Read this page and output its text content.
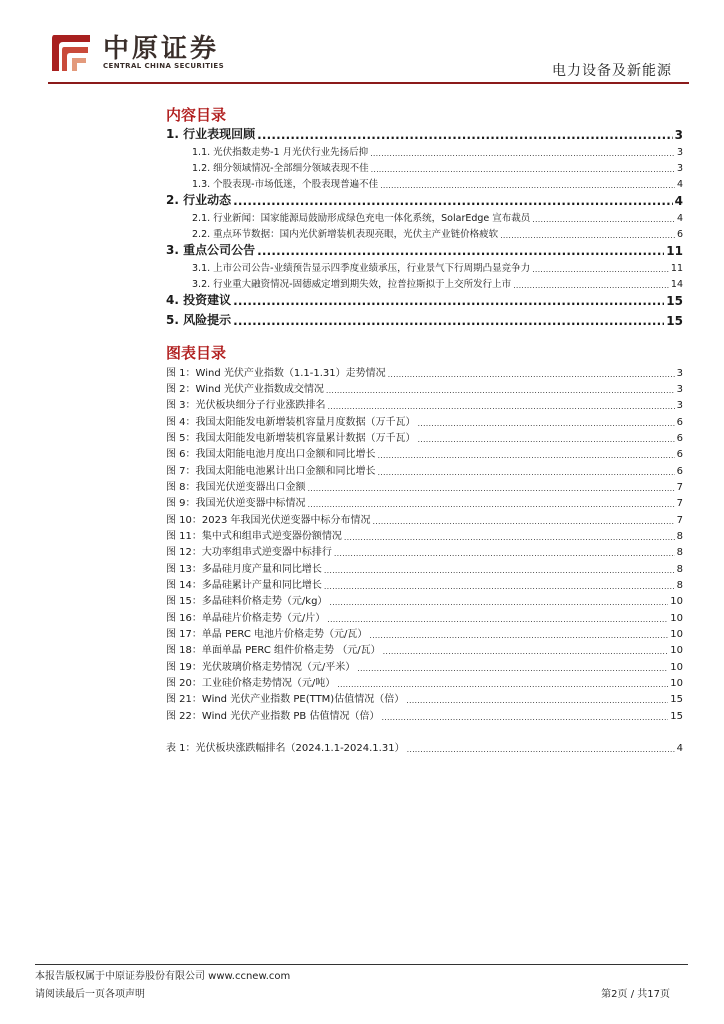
中原证券
CENTRAL CHINA SECURITIES	电力设备及新能源
内容目录
1. 行业表现回顾 .....	3
1.1. 光伏指数走势-1 月光伏行业先扬后抑 .....	3
1.2. 细分领域情况-全部细分领域表现不佳 .....	3
1.3. 个股表现-市场低迷，个股表现普遍不佳 .....	4
2. 行业动态 .....	4
2.1. 行业新闻：国家能源局鼓励形成绿色充电一体化系统，SolarEdge 宣布裁员 .....	4
2.2. 重点环节数据：国内光伏新增装机表现亮眼，光伏主产业链价格疲软 .....	6
3. 重点公司公告 .....	11
3.1. 上市公司公告-业绩预告显示四季度业绩承压，行业景气下行周期凸显竞争力 .....	11
3.2. 行业重大融资情况-固德威定增到期失效，拉普拉斯拟于上交所发行上市 .....	14
4. 投资建议 .....	15
5. 风险提示 .....	15
图表目录
图 1：Wind 光伏产业指数（1.1-1.31）走势情况 .....	3
图 2：Wind 光伏产业指数成交情况 .....	3
图 3：光伏板块细分子行业涨跌排名 .....	3
图 4：我国太阳能发电新增装机容量月度数据（万千瓦） .....	6
图 5：我国太阳能发电新增装机容量累计数据（万千瓦） .....	6
图 6：我国太阳能电池月度出口金额和同比增长 .....	6
图 7：我国太阳能电池累计出口金额和同比增长 .....	6
图 8：我国光伏逆变器出口金额 .....	7
图 9：我国光伏逆变器中标情况 .....	7
图 10：2023 年我国光伏逆变器中标分布情况 .....	7
图 11：集中式和组串式逆变器份额情况 .....	8
图 12：大功率组串式逆变器中标排行 .....	8
图 13：多晶硅月度产量和同比增长 .....	8
图 14：多晶硅累计产量和同比增长 .....	8
图 15：多晶硅料价格走势（元/kg） .....	10
图 16：单晶硅片价格走势（元/片） .....	10
图 17：单晶 PERC 电池片价格走势（元/瓦） .....	10
图 18：单面单晶 PERC 组件价格走势 （元/瓦） .....	10
图 19：光伏玻璃价格走势情况（元/平米） .....	10
图 20：工业硅价格走势情况（元/吨） .....	10
图 21：Wind 光伏产业指数 PE(TTM)估值情况（倍） .....	15
图 22：Wind 光伏产业指数 PB 估值情况（倍） .....	15
表 1：光伏板块涨跌幅排名（2024.1.1-2024.1.31） .....	4
本报告版权属于中原证券股份有限公司 www.ccnew.com
请阅读最后一页各项声明	第2页 / 共17页
